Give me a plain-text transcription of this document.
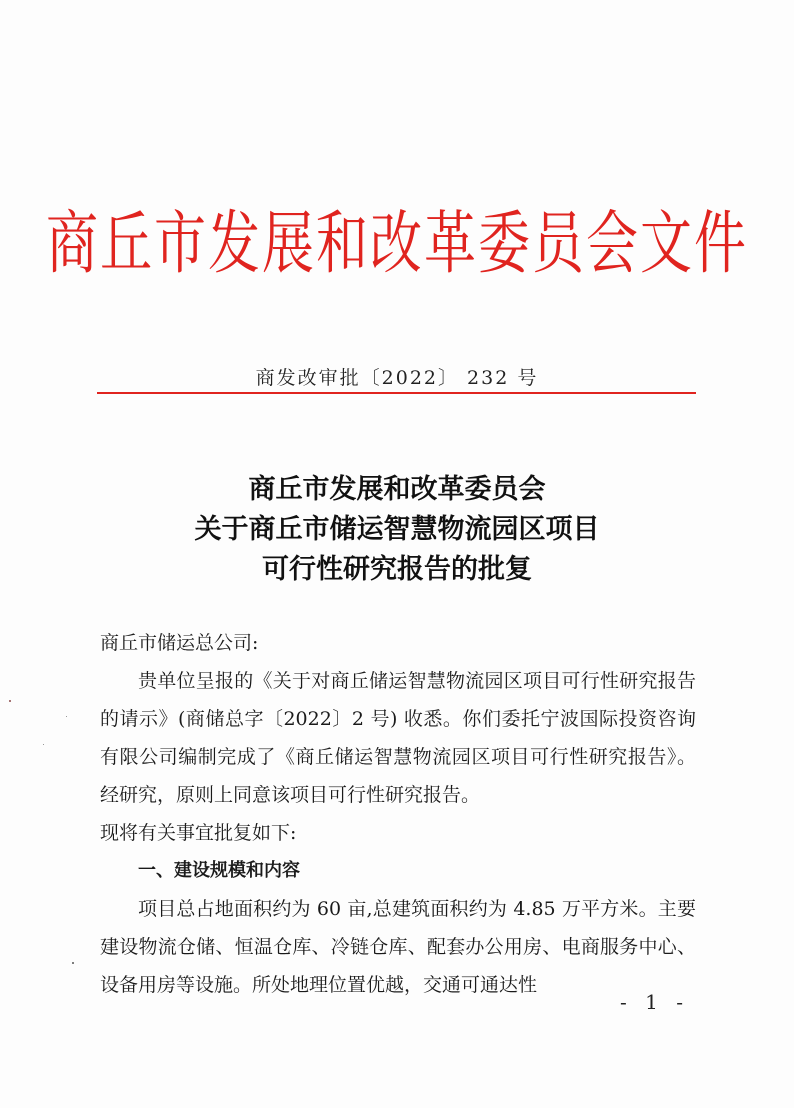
商丘市发展和改革委员会文件
商发改审批〔2022〕 232 号
商丘市发展和改革委员会
关于商丘市储运智慧物流园区项目
可行性研究报告的批复

商丘市储运总公司:

贵单位呈报的《关于对商丘储运智慧物流园区项目可行性研究报告的请示》(商储总字〔2022〕2 号) 收悉。你们委托宁波国际投资咨询有限公司编制完成了《商丘储运智慧物流园区项目可行性研究报告》。经研究，原则上同意该项目可行性研究报告。

现将有关事宜批复如下:

一、建设规模和内容

项目总占地面积约为 60 亩,总建筑面积约为 4.85 万平方米。主要建设物流仓储、恒温仓库、冷链仓库、配套办公用房、电商服务中心、设备用房等设施。所处地理位置优越，交通可通达性

- 1 -
